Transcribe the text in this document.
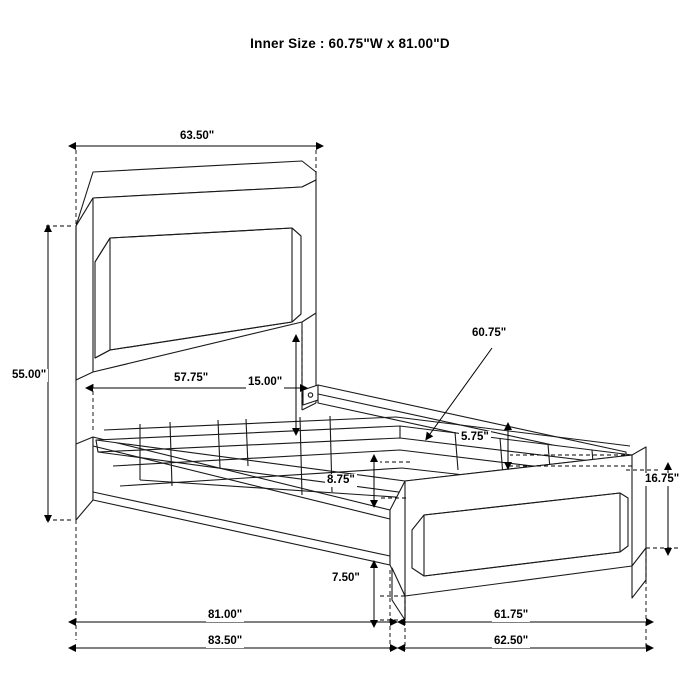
Inner Size : 60.75"W x 81.00"D
63.50"
55.00"	57.75"	15.00"
60.75"
5.75"
8.75"	16.75"
7.50"
81.00"	61.75"
83.50"	62.50"
